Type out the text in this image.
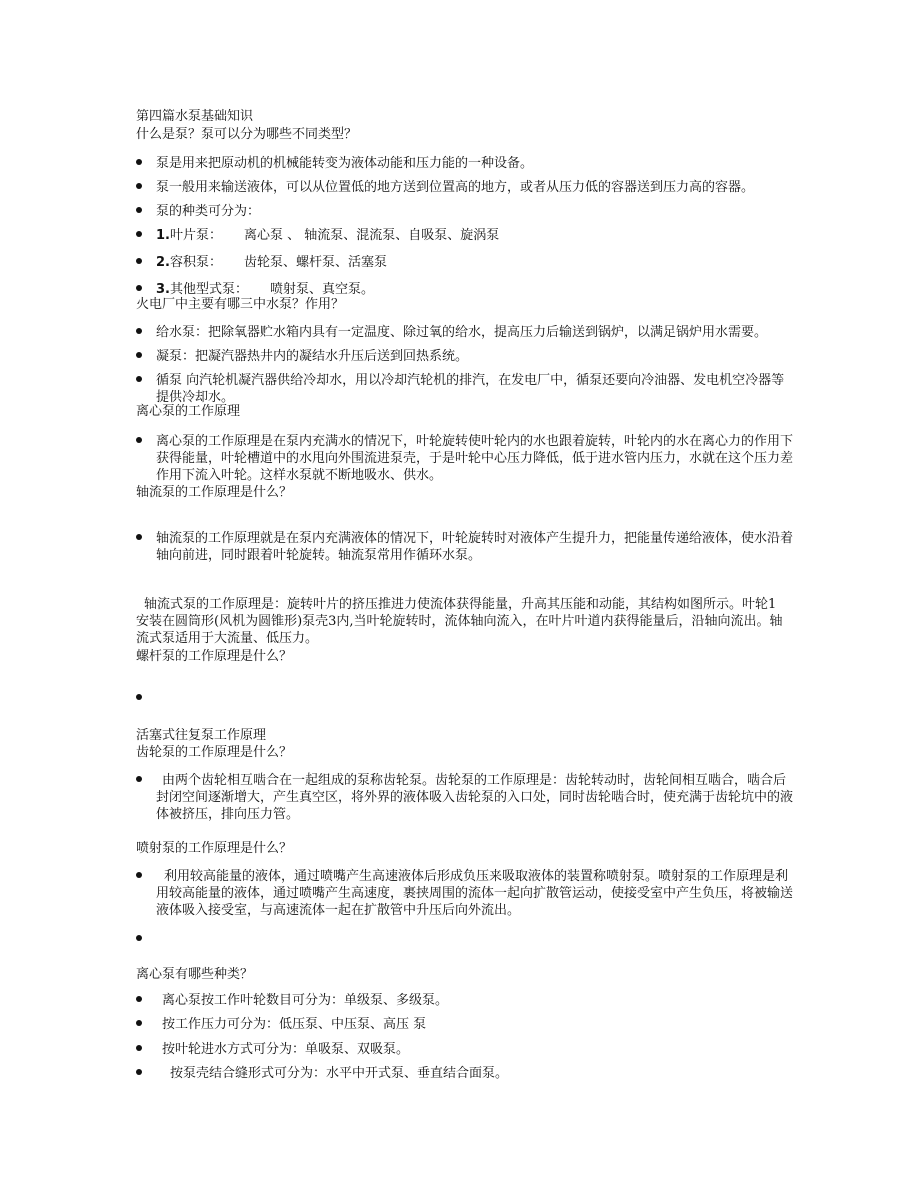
第四篇水泵基础知识
什么是泵？泵可以分为哪些不同类型？
泵是用来把原动机的机械能转变为液体动能和压力能的一种设备。
泵一般用来输送液体，可以从位置低的地方送到位置高的地方，或者从压力低的容器送到压力高的容器。
泵的种类可分为：
1.叶片泵： 离心泵 、 轴流泵、混流泵、自吸泵、旋涡泵
2.容积泵： 齿轮泵、螺杆泵、活塞泵
3.其他型式泵： 喷射泵、真空泵。
火电厂中主要有哪三中水泵？作用？
给水泵：把除氧器贮水箱内具有一定温度、除过氧的给水，提高压力后输送到锅炉，以满足锅炉用水需要。
凝泵：把凝汽器热井内的凝结水升压后送到回热系统。
循泵 向汽轮机凝汽器供给冷却水，用以冷却汽轮机的排汽，在发电厂中，循泵还要向冷油器、发电机空冷器等提供冷却水。
离心泵的工作原理
离心泵的工作原理是在泵内充满水的情况下，叶轮旋转使叶轮内的水也跟着旋转，叶轮内的水在离心力的作用下获得能量，叶轮槽道中的水甩向外围流进泵壳，于是叶轮中心压力降低，低于进水管内压力，水就在这个压力差作用下流入叶轮。这样水泵就不断地吸水、供水。
轴流泵的工作原理是什么？
轴流泵的工作原理就是在泵内充满液体的情况下，叶轮旋转时对液体产生提升力，把能量传递给液体，使水沿着轴向前进，同时跟着叶轮旋转。轴流泵常用作循环水泵。
轴流式泵的工作原理是：旋转叶片的挤压推进力使流体获得能量，升高其压能和动能，其结构如图所示。叶轮1安装在圆筒形(风机为圆锥形)泵壳3内,当叶轮旋转时，流体轴向流入，在叶片叶道内获得能量后，沿轴向流出。轴流式泵适用于大流量、低压力。
螺杆泵的工作原理是什么？
活塞式往复泵工作原理
齿轮泵的工作原理是什么？
由两个齿轮相互啮合在一起组成的泵称齿轮泵。齿轮泵的工作原理是：齿轮转动时，齿轮间相互啮合，啮合后封闭空间逐渐增大，产生真空区，将外界的液体吸入齿轮泵的入口处，同时齿轮啮合时，使充满于齿轮坑中的液体被挤压，排向压力管。
喷射泵的工作原理是什么？
利用较高能量的液体，通过喷嘴产生高速液体后形成负压来吸取液体的装置称喷射泵。喷射泵的工作原理是利用较高能量的液体，通过喷嘴产生高速度，裹挟周围的流体一起向扩散管运动，使接受室中产生负压，将被输送液体吸入接受室，与高速流体一起在扩散管中升压后向外流出。
离心泵有哪些种类？
离心泵按工作叶轮数目可分为：单级泵、多级泵。
按工作压力可分为：低压泵、中压泵、高压 泵
按叶轮进水方式可分为：单吸泵、双吸泵。
按泵壳结合缝形式可分为：水平中开式泵、垂直结合面泵。
